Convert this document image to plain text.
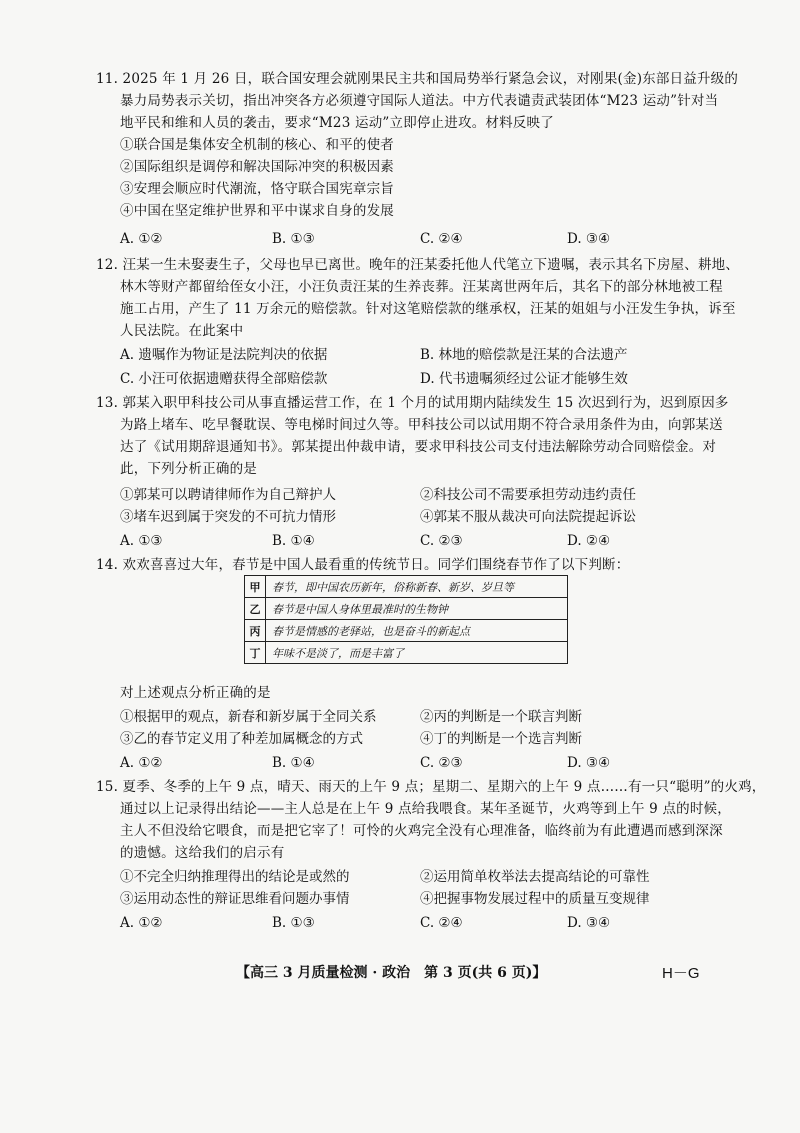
11. 2025 年 1 月 26 日，联合国安理会就刚果民主共和国局势举行紧急会议，对刚果(金)东部日益升级的
暴力局势表示关切，指出冲突各方必须遵守国际人道法。中方代表谴责武装团体“M23 运动”针对当
地平民和维和人员的袭击，要求“M23 运动”立即停止进攻。材料反映了
①联合国是集体安全机制的核心、和平的使者
②国际组织是调停和解决国际冲突的积极因素
③安理会顺应时代潮流，恪守联合国宪章宗旨
④中国在坚定维护世界和平中谋求自身的发展
A. ①②	B. ①③	C. ②④	D. ③④
12. 汪某一生未娶妻生子，父母也早已离世。晚年的汪某委托他人代笔立下遗嘱，表示其名下房屋、耕地、
林木等财产都留给侄女小汪，小汪负责汪某的生养丧葬。汪某离世两年后，其名下的部分林地被工程
施工占用，产生了 11 万余元的赔偿款。针对这笔赔偿款的继承权，汪某的姐姐与小汪发生争执，诉至
人民法院。在此案中
A. 遗嘱作为物证是法院判决的依据	B. 林地的赔偿款是汪某的合法遗产
C. 小汪可依据遗赠获得全部赔偿款	D. 代书遗嘱须经过公证才能够生效
13. 郭某入职甲科技公司从事直播运营工作，在 1 个月的试用期内陆续发生 15 次迟到行为，迟到原因多
为路上堵车、吃早餐耽误、等电梯时间过久等。甲科技公司以试用期不符合录用条件为由，向郭某送
达了《试用期辞退通知书》。郭某提出仲裁申请，要求甲科技公司支付违法解除劳动合同赔偿金。对
此，下列分析正确的是
①郭某可以聘请律师作为自己辩护人	②科技公司不需要承担劳动违约责任
③堵车迟到属于突发的不可抗力情形	④郭某不服从裁决可向法院提起诉讼
A. ①③	B. ①④	C. ②③	D. ②④
14. 欢欢喜喜过大年，春节是中国人最看重的传统节日。同学们围绕春节作了以下判断：
甲	春节，即中国农历新年，俗称新春、新岁、岁旦等
乙	春节是中国人身体里最准时的生物钟
丙	春节是情感的老驿站，也是奋斗的新起点
丁	年味不是淡了，而是丰富了
对上述观点分析正确的是
①根据甲的观点，新春和新岁属于全同关系	②丙的判断是一个联言判断
③乙的春节定义用了种差加属概念的方式	④丁的判断是一个选言判断
A. ①②	B. ①④	C. ②③	D. ③④
15. 夏季、冬季的上午 9 点，晴天、雨天的上午 9 点；星期二、星期六的上午 9 点……有一只“聪明”的火鸡，
通过以上记录得出结论——主人总是在上午 9 点给我喂食。某年圣诞节，火鸡等到上午 9 点的时候，
主人不但没给它喂食，而是把它宰了！可怜的火鸡完全没有心理准备，临终前为有此遭遇而感到深深
的遗憾。这给我们的启示有
①不完全归纳推理得出的结论是或然的	②运用简单枚举法去提高结论的可靠性
③运用动态性的辩证思维看问题办事情	④把握事物发展过程中的质量互变规律
A. ①②	B. ①③	C. ②④	D. ③④
【高三 3 月质量检测 · 政治　第 3 页(共 6 页)】	H－G
